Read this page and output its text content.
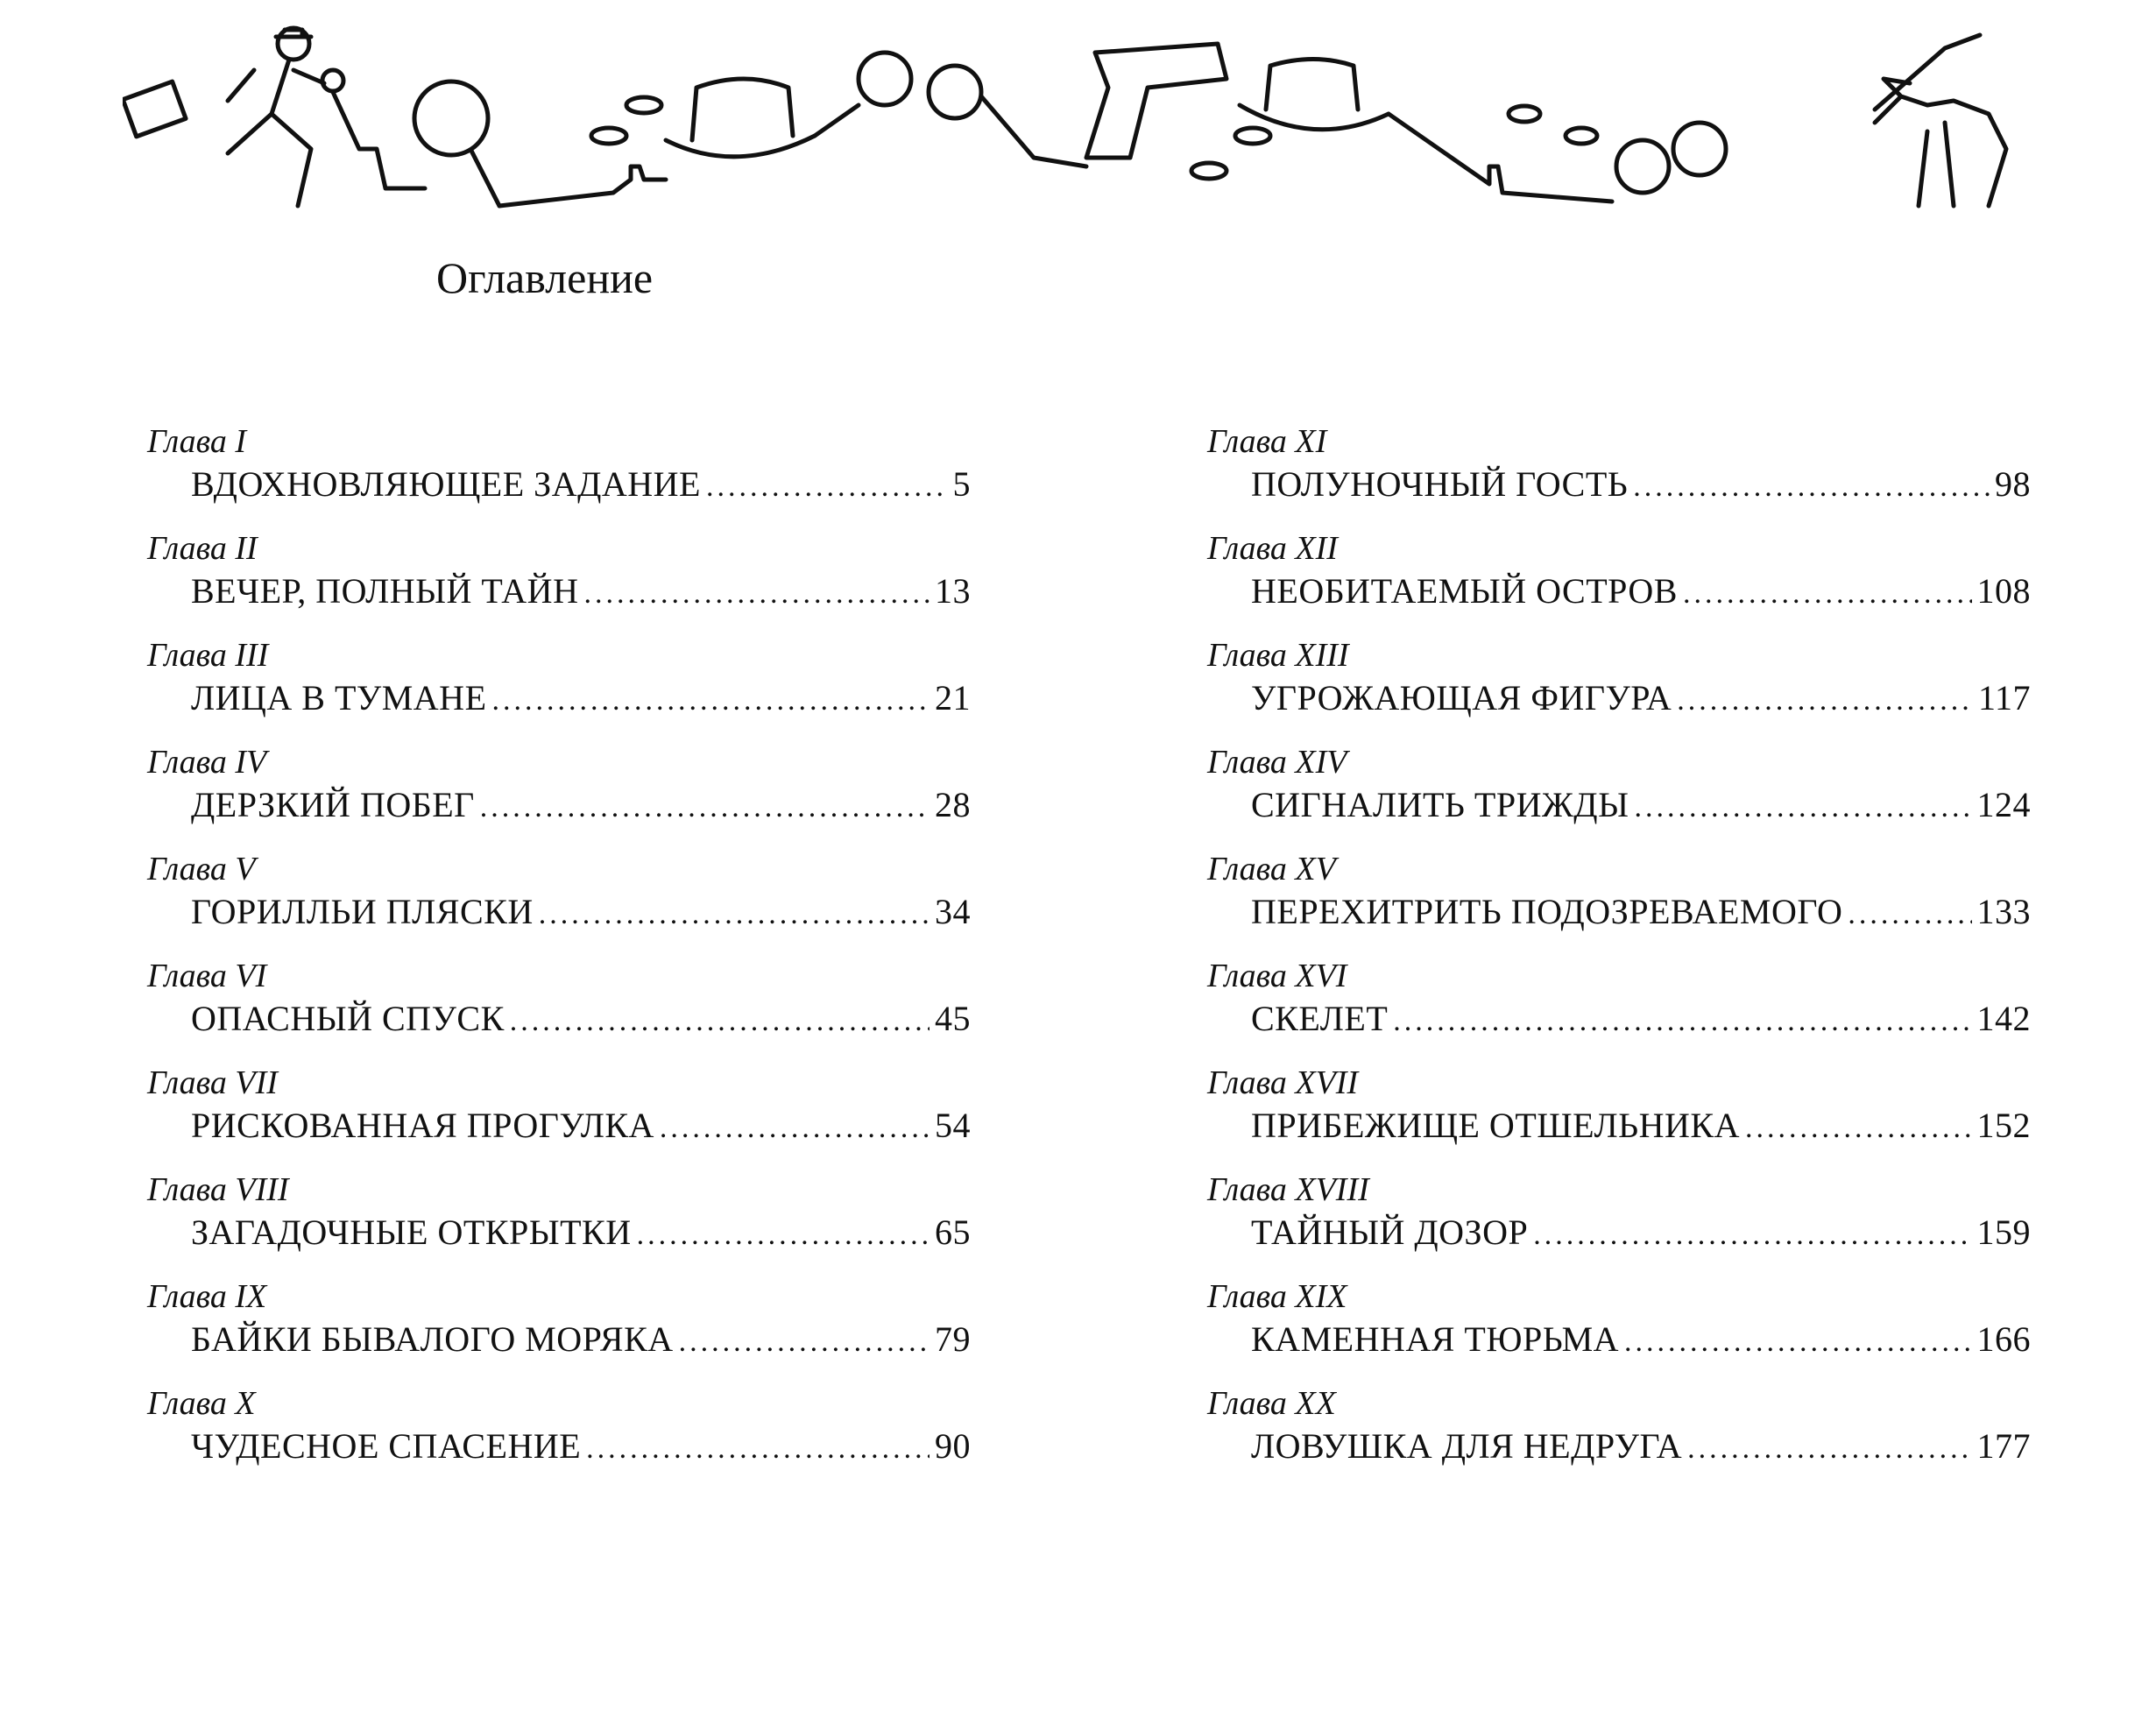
Оглавление
Глава I
ВДОХНОВЛЯЮЩЕЕ ЗАДАНИЕ .....	5
Глава II
ВЕЧЕР, ПОЛНЫЙ ТАЙН .....	13
Глава III
ЛИЦА В ТУМАНЕ .....	21
Глава IV
ДЕРЗКИЙ ПОБЕГ .....	28
Глава V
ГОРИЛЛЬИ ПЛЯСКИ .....	34
Глава VI
ОПАСНЫЙ СПУСК .....	45
Глава VII
РИСКОВАННАЯ ПРОГУЛКА .....	54
Глава VIII
ЗАГАДОЧНЫЕ ОТКРЫТКИ .....	65
Глава IX
БАЙКИ БЫВАЛОГО МОРЯКА .....	79
Глава X
ЧУДЕСНОЕ СПАСЕНИЕ .....	90
Глава XI
ПОЛУНОЧНЫЙ ГОСТЬ .....	98
Глава XII
НЕОБИТАЕМЫЙ ОСТРОВ .....	108
Глава XIII
УГРОЖАЮЩАЯ ФИГУРА .....	117
Глава XIV
СИГНАЛИТЬ ТРИЖДЫ .....	124
Глава XV
ПЕРЕХИТРИТЬ ПОДОЗРЕВАЕМОГО .....	133
Глава XVI
СКЕЛЕТ .....	142
Глава XVII
ПРИБЕЖИЩЕ ОТШЕЛЬНИКА .....	152
Глава XVIII
ТАЙНЫЙ ДОЗОР .....	159
Глава XIX
КАМЕННАЯ ТЮРЬМА .....	166
Глава XX
ЛОВУШКА ДЛЯ НЕДРУГА .....	177
